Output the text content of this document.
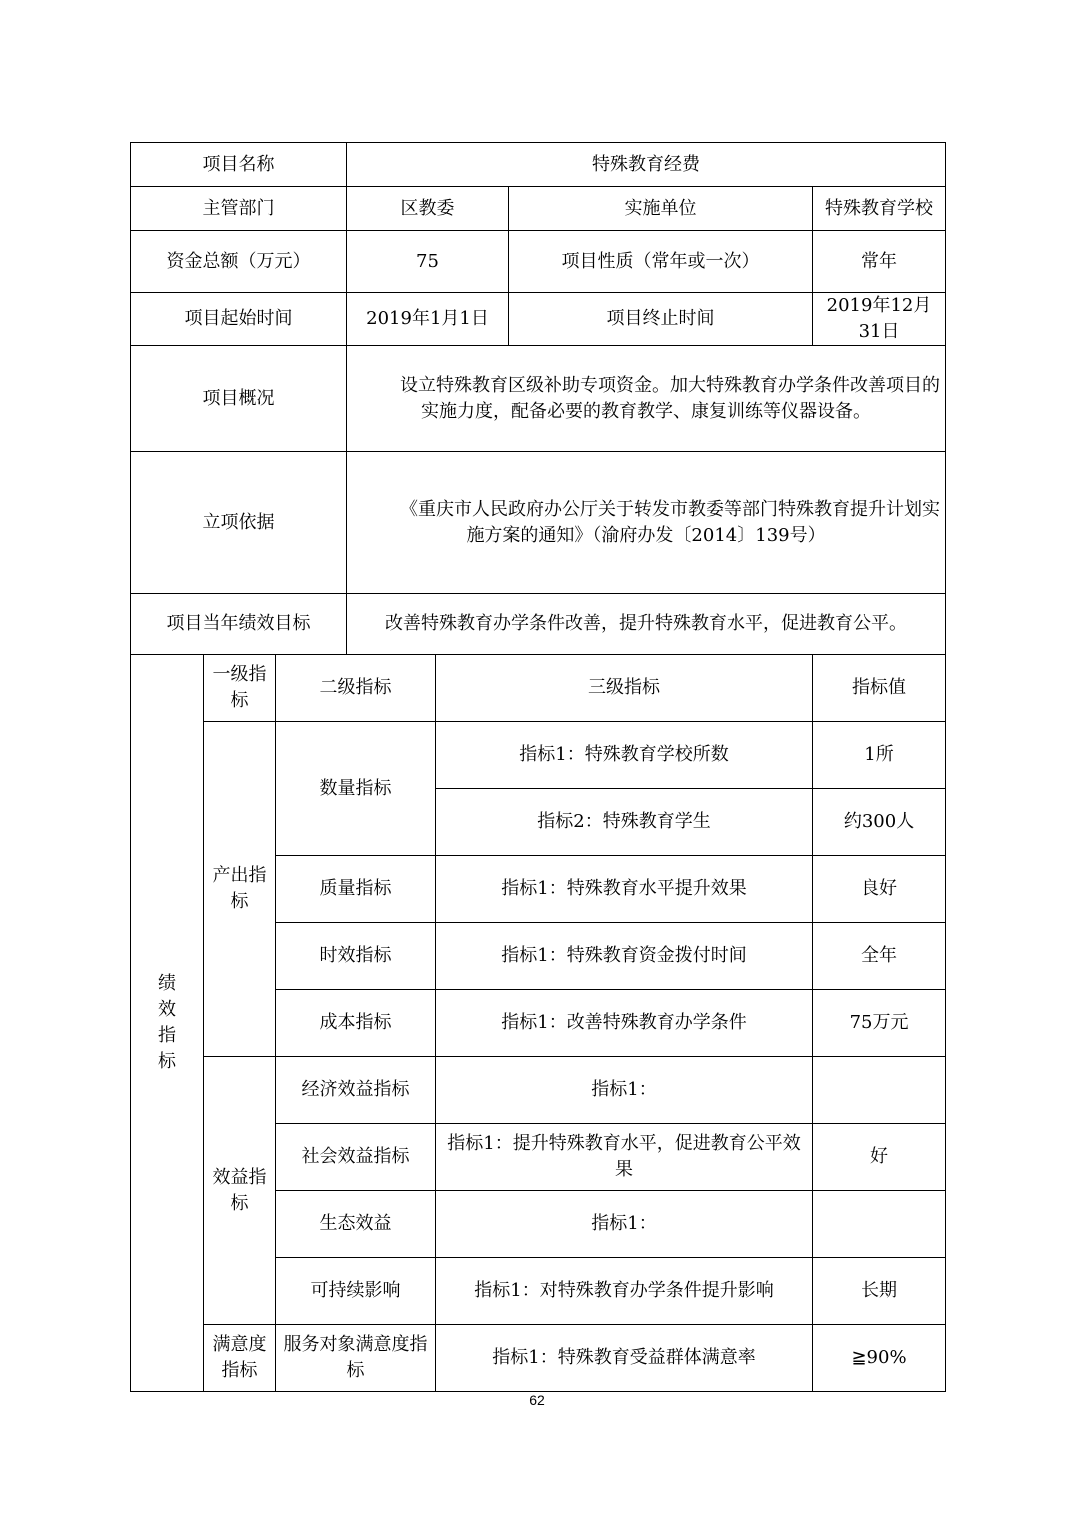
项目名称			特殊教育经费			
主管部门			区教委		实施单位	特殊教育学校
资金总额（万元）			75		项目性质（常年或一次）	常年
项目起始时间			2019年1月1日		项目终止时间	2019年12月31日
项目概况			设立特殊教育区级补助专项资金。加大特殊教育办学条件改善项目的实施力度，配备必要的教育教学、康复训练等仪器设备。			
立项依据			《重庆市人民政府办公厅关于转发市教委等部门特殊教育提升计划实施方案的通知》（渝府办发〔2014〕139号）			
项目当年绩效目标			改善特殊教育办学条件改善，提升特殊教育水平，促进教育公平。			

绩
效
指
标	一级指标	二级指标		三级指标		指标值
	产出指标	数量指标		指标1：特殊教育学校所数		1所
				指标2：特殊教育学生		约300人
		质量指标		指标1：特殊教育水平提升效果		良好
		时效指标		指标1：特殊教育资金拨付时间		全年
		成本指标		指标1：改善特殊教育办学条件		75万元
	效益指标	经济效益指标		指标1：		
		社会效益指标		指标1：提升特殊教育水平，促进教育公平效果		好
		生态效益		指标1：		
		可持续影响		指标1：对特殊教育办学条件提升影响		长期
	满意度指标	服务对象满意度指标		指标1：特殊教育受益群体满意率		≧90%
62
